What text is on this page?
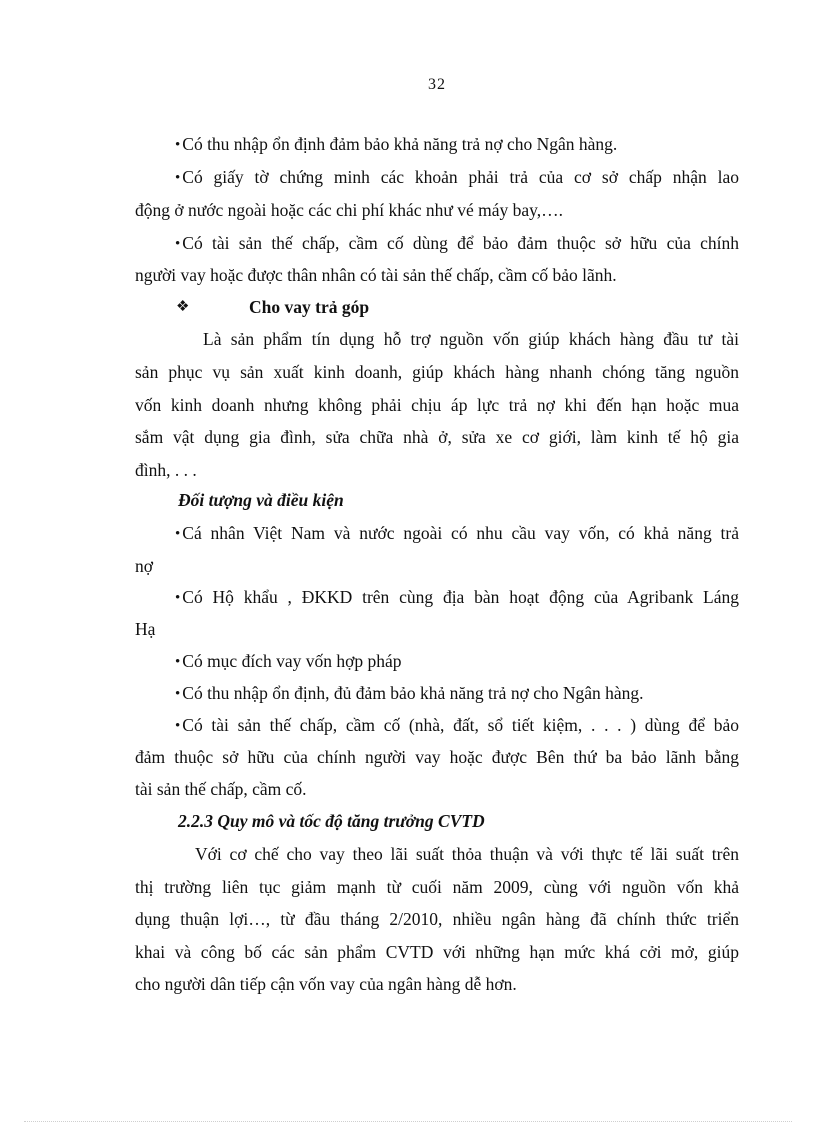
32
• Có thu nhập ổn định đảm bảo khả năng trả nợ cho Ngân hàng.
• Có giấy tờ chứng minh các khoản phải trả của cơ sở chấp nhận lao
động ở nước ngoài hoặc các chi phí khác như vé máy bay,….
• Có tài sản thế chấp, cầm cố dùng để bảo đảm thuộc sở hữu của chính
người vay hoặc được thân nhân có tài sản thế chấp, cầm cố bảo lãnh.
❖	Cho vay trả góp
Là sản phẩm tín dụng hỗ trợ nguồn vốn giúp khách hàng đầu tư tài
sản phục vụ sản xuất kinh doanh, giúp khách hàng nhanh chóng tăng nguồn
vốn kinh doanh nhưng không phải chịu áp lực trả nợ khi đến hạn hoặc mua
sắm vật dụng gia đình, sửa chữa nhà ở, sửa xe cơ giới, làm kinh tế hộ gia
đình, . . .
Đối tượng và điều kiện
• Cá nhân Việt Nam và nước ngoài có nhu cầu vay vốn, có khả năng trả
nợ
• Có Hộ khẩu , ĐKKD trên cùng địa bàn hoạt động của Agribank Láng
Hạ
• Có mục đích vay vốn hợp pháp
• Có thu nhập ổn định, đủ đảm bảo khả năng trả nợ cho Ngân hàng.
• Có tài sản thế chấp, cầm cố (nhà, đất, sổ tiết kiệm, . . . ) dùng để bảo
đảm thuộc sở hữu của chính người vay hoặc được Bên thứ ba bảo lãnh bằng
tài sản thế chấp, cầm cố.
2.2.3 Quy mô và tốc độ tăng trưởng CVTD
Với cơ chế cho vay theo lãi suất thỏa thuận và với thực tế lãi suất trên
thị trường liên tục giảm mạnh từ cuối năm 2009, cùng với nguồn vốn khả
dụng thuận lợi…, từ đầu tháng 2/2010, nhiều ngân hàng đã chính thức triển
khai và công bố các sản phẩm CVTD với những hạn mức khá cởi mở, giúp
cho người dân tiếp cận vốn vay của ngân hàng dễ hơn.
